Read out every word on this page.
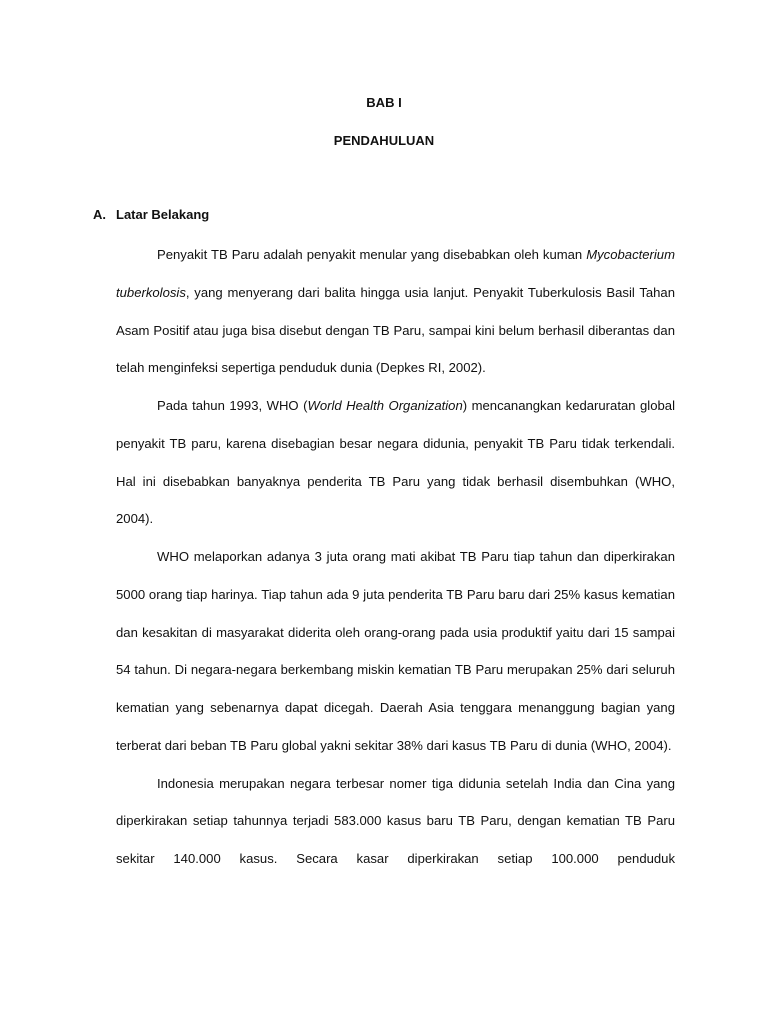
BAB I
PENDAHULUAN
A. Latar Belakang

Penyakit TB Paru adalah penyakit menular yang disebabkan oleh kuman Mycobacterium tuberkolosis, yang menyerang dari balita hingga usia lanjut. Penyakit Tuberkulosis Basil Tahan Asam Positif atau juga bisa disebut dengan TB Paru, sampai kini belum berhasil diberantas dan telah menginfeksi sepertiga penduduk dunia (Depkes RI, 2002).

Pada tahun 1993, WHO (World Health Organization) mencanangkan kedaruratan global penyakit TB paru, karena disebagian besar negara didunia, penyakit TB Paru tidak terkendali. Hal ini disebabkan banyaknya penderita TB Paru yang tidak berhasil disembuhkan (WHO, 2004).

WHO melaporkan adanya 3 juta orang mati akibat TB Paru tiap tahun dan diperkirakan 5000 orang tiap harinya. Tiap tahun ada 9 juta penderita TB Paru baru dari 25% kasus kematian dan kesakitan di masyarakat diderita oleh orang-orang pada usia produktif yaitu dari 15 sampai 54 tahun. Di negara-negara berkembang miskin kematian TB Paru merupakan 25% dari seluruh kematian yang sebenarnya dapat dicegah. Daerah Asia tenggara menanggung bagian yang terberat dari beban TB Paru global yakni sekitar 38% dari kasus TB Paru di dunia (WHO, 2004).

Indonesia merupakan negara terbesar nomer tiga didunia setelah India dan Cina yang diperkirakan setiap tahunnya terjadi 583.000 kasus baru TB Paru, dengan kematian TB Paru sekitar 140.000 kasus. Secara kasar diperkirakan setiap 100.000 penduduk
